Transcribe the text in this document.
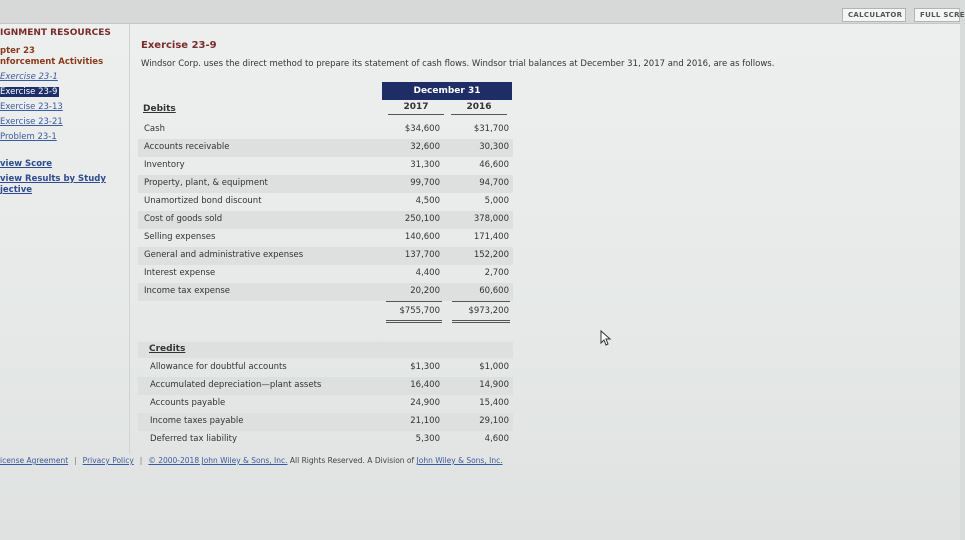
CALCULATOR	FULL SCRE
IGNMENT RESOURCES
pter 23
nforcement Activities
Exercise 23-1
Exercise 23-9
Exercise 23-13
Exercise 23-21
Problem 23-1
view Score
view Results by Study
jective
Exercise 23-9
Windsor Corp. uses the direct method to prepare its statement of cash flows. Windsor trial balances at December 31, 2017 and 2016, are as follows.
December 31
2017	2016
Debits
Cash	$34,600	$31,700
Accounts receivable	32,600	30,300
Inventory	31,300	46,600
Property, plant, & equipment	99,700	94,700
Unamortized bond discount	4,500	5,000
Cost of goods sold	250,100	378,000
Selling expenses	140,600	171,400
General and administrative expenses	137,700	152,200
Interest expense	4,400	2,700
Income tax expense	20,200	60,600
$755,700	$973,200
Credits
Allowance for doubtful accounts	$1,300	$1,000
Accumulated depreciation—plant assets	16,400	14,900
Accounts payable	24,900	15,400
Income taxes payable	21,100	29,100
Deferred tax liability	5,300	4,600
icense Agreement | Privacy Policy | © 2000-2018 John Wiley & Sons, Inc. All Rights Reserved. A Division of John Wiley & Sons, Inc.
